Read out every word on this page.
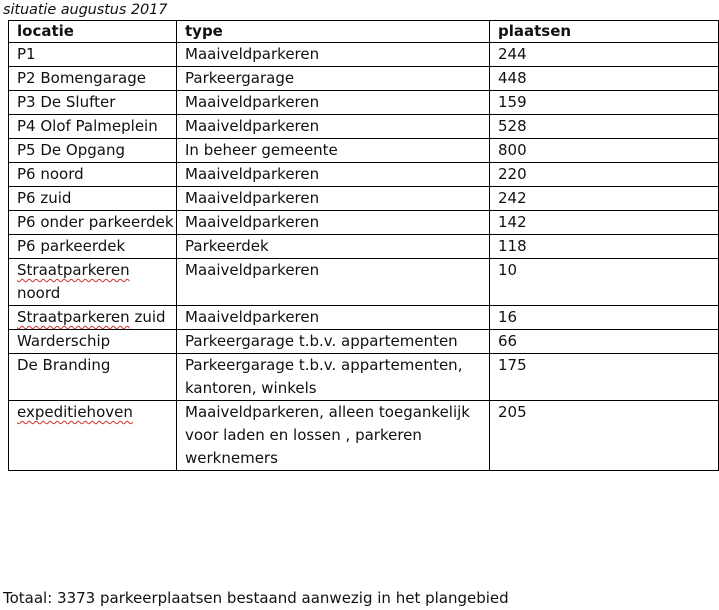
situatie augustus 2017
locatie	type	plaatsen
P1	Maaiveldparkeren	244
P2 Bomengarage	Parkeergarage	448
P3 De Slufter	Maaiveldparkeren	159
P4 Olof Palmeplein	Maaiveldparkeren	528
P5 De Opgang	In beheer gemeente	800
P6 noord	Maaiveldparkeren	220
P6 zuid	Maaiveldparkeren	242
P6 onder parkeerdek	Maaiveldparkeren	142
P6 parkeerdek	Parkeerdek	118
Straatparkeren noord	Maaiveldparkeren	10
Straatparkeren zuid	Maaiveldparkeren	16
Warderschip	Parkeergarage t.b.v. appartementen	66
De Branding	Parkeergarage t.b.v. appartementen, kantoren, winkels	175
expeditiehoven	Maaiveldparkeren, alleen toegankelijk voor laden en lossen , parkeren werknemers	205
Totaal: 3373 parkeerplaatsen bestaand aanwezig in het plangebied
